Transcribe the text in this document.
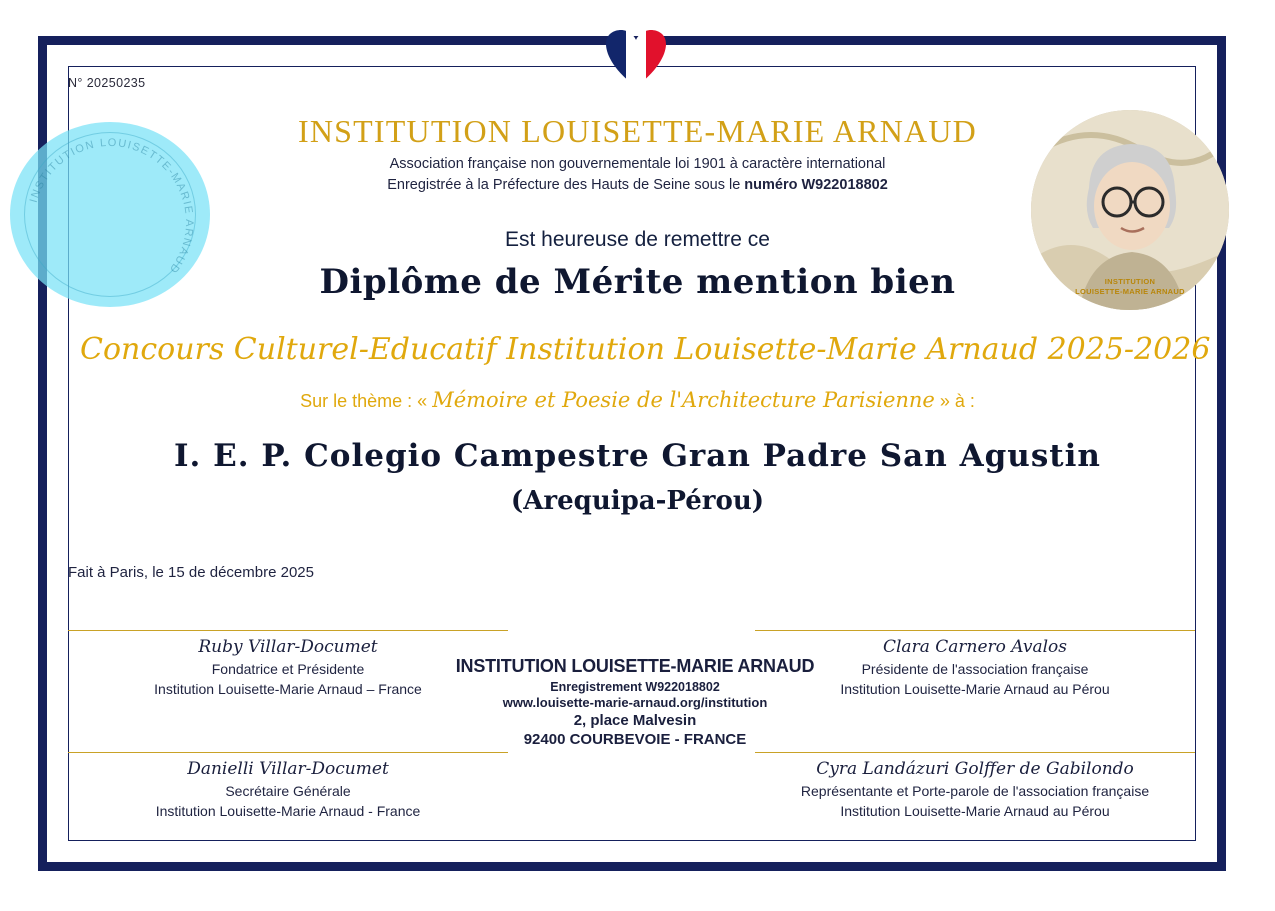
N° 20250235
INSTITUTION LOUISETTE-MARIE ARNAUD
INSTITUTION
LOUISETTE-MARIE ARNAUD
INSTITUTION LOUISETTE-MARIE ARNAUD
Association française non gouvernementale loi 1901 à caractère international
Enregistrée à la Préfecture des Hauts de Seine sous le numéro W922018802
Est heureuse de remettre ce
Diplôme de Mérite mention bien
Concours Culturel-Educatif Institution Louisette-Marie Arnaud 2025-2026
Sur le thème : « Mémoire et Poesie de l'Architecture Parisienne » à :
I. E. P. Colegio Campestre Gran Padre San Agustin
(Arequipa-Pérou)
Fait à Paris, le 15 de décembre 2025
Ruby Villar-Documet
Fondatrice et Présidente
Institution Louisette-Marie Arnaud – France
Clara Carnero Avalos
Présidente de l'association française
Institution Louisette-Marie Arnaud au Pérou
Danielli Villar-Documet
Secrétaire Générale
Institution Louisette-Marie Arnaud - France
Cyra Landázuri Golffer de Gabilondo
Représentante et Porte-parole de l'association française
Institution Louisette-Marie Arnaud au Pérou
INSTITUTION LOUISETTE-MARIE ARNAUD
Enregistrement W922018802
www.louisette-marie-arnaud.org/institution
2, place Malvesin
92400 COURBEVOIE - FRANCE
